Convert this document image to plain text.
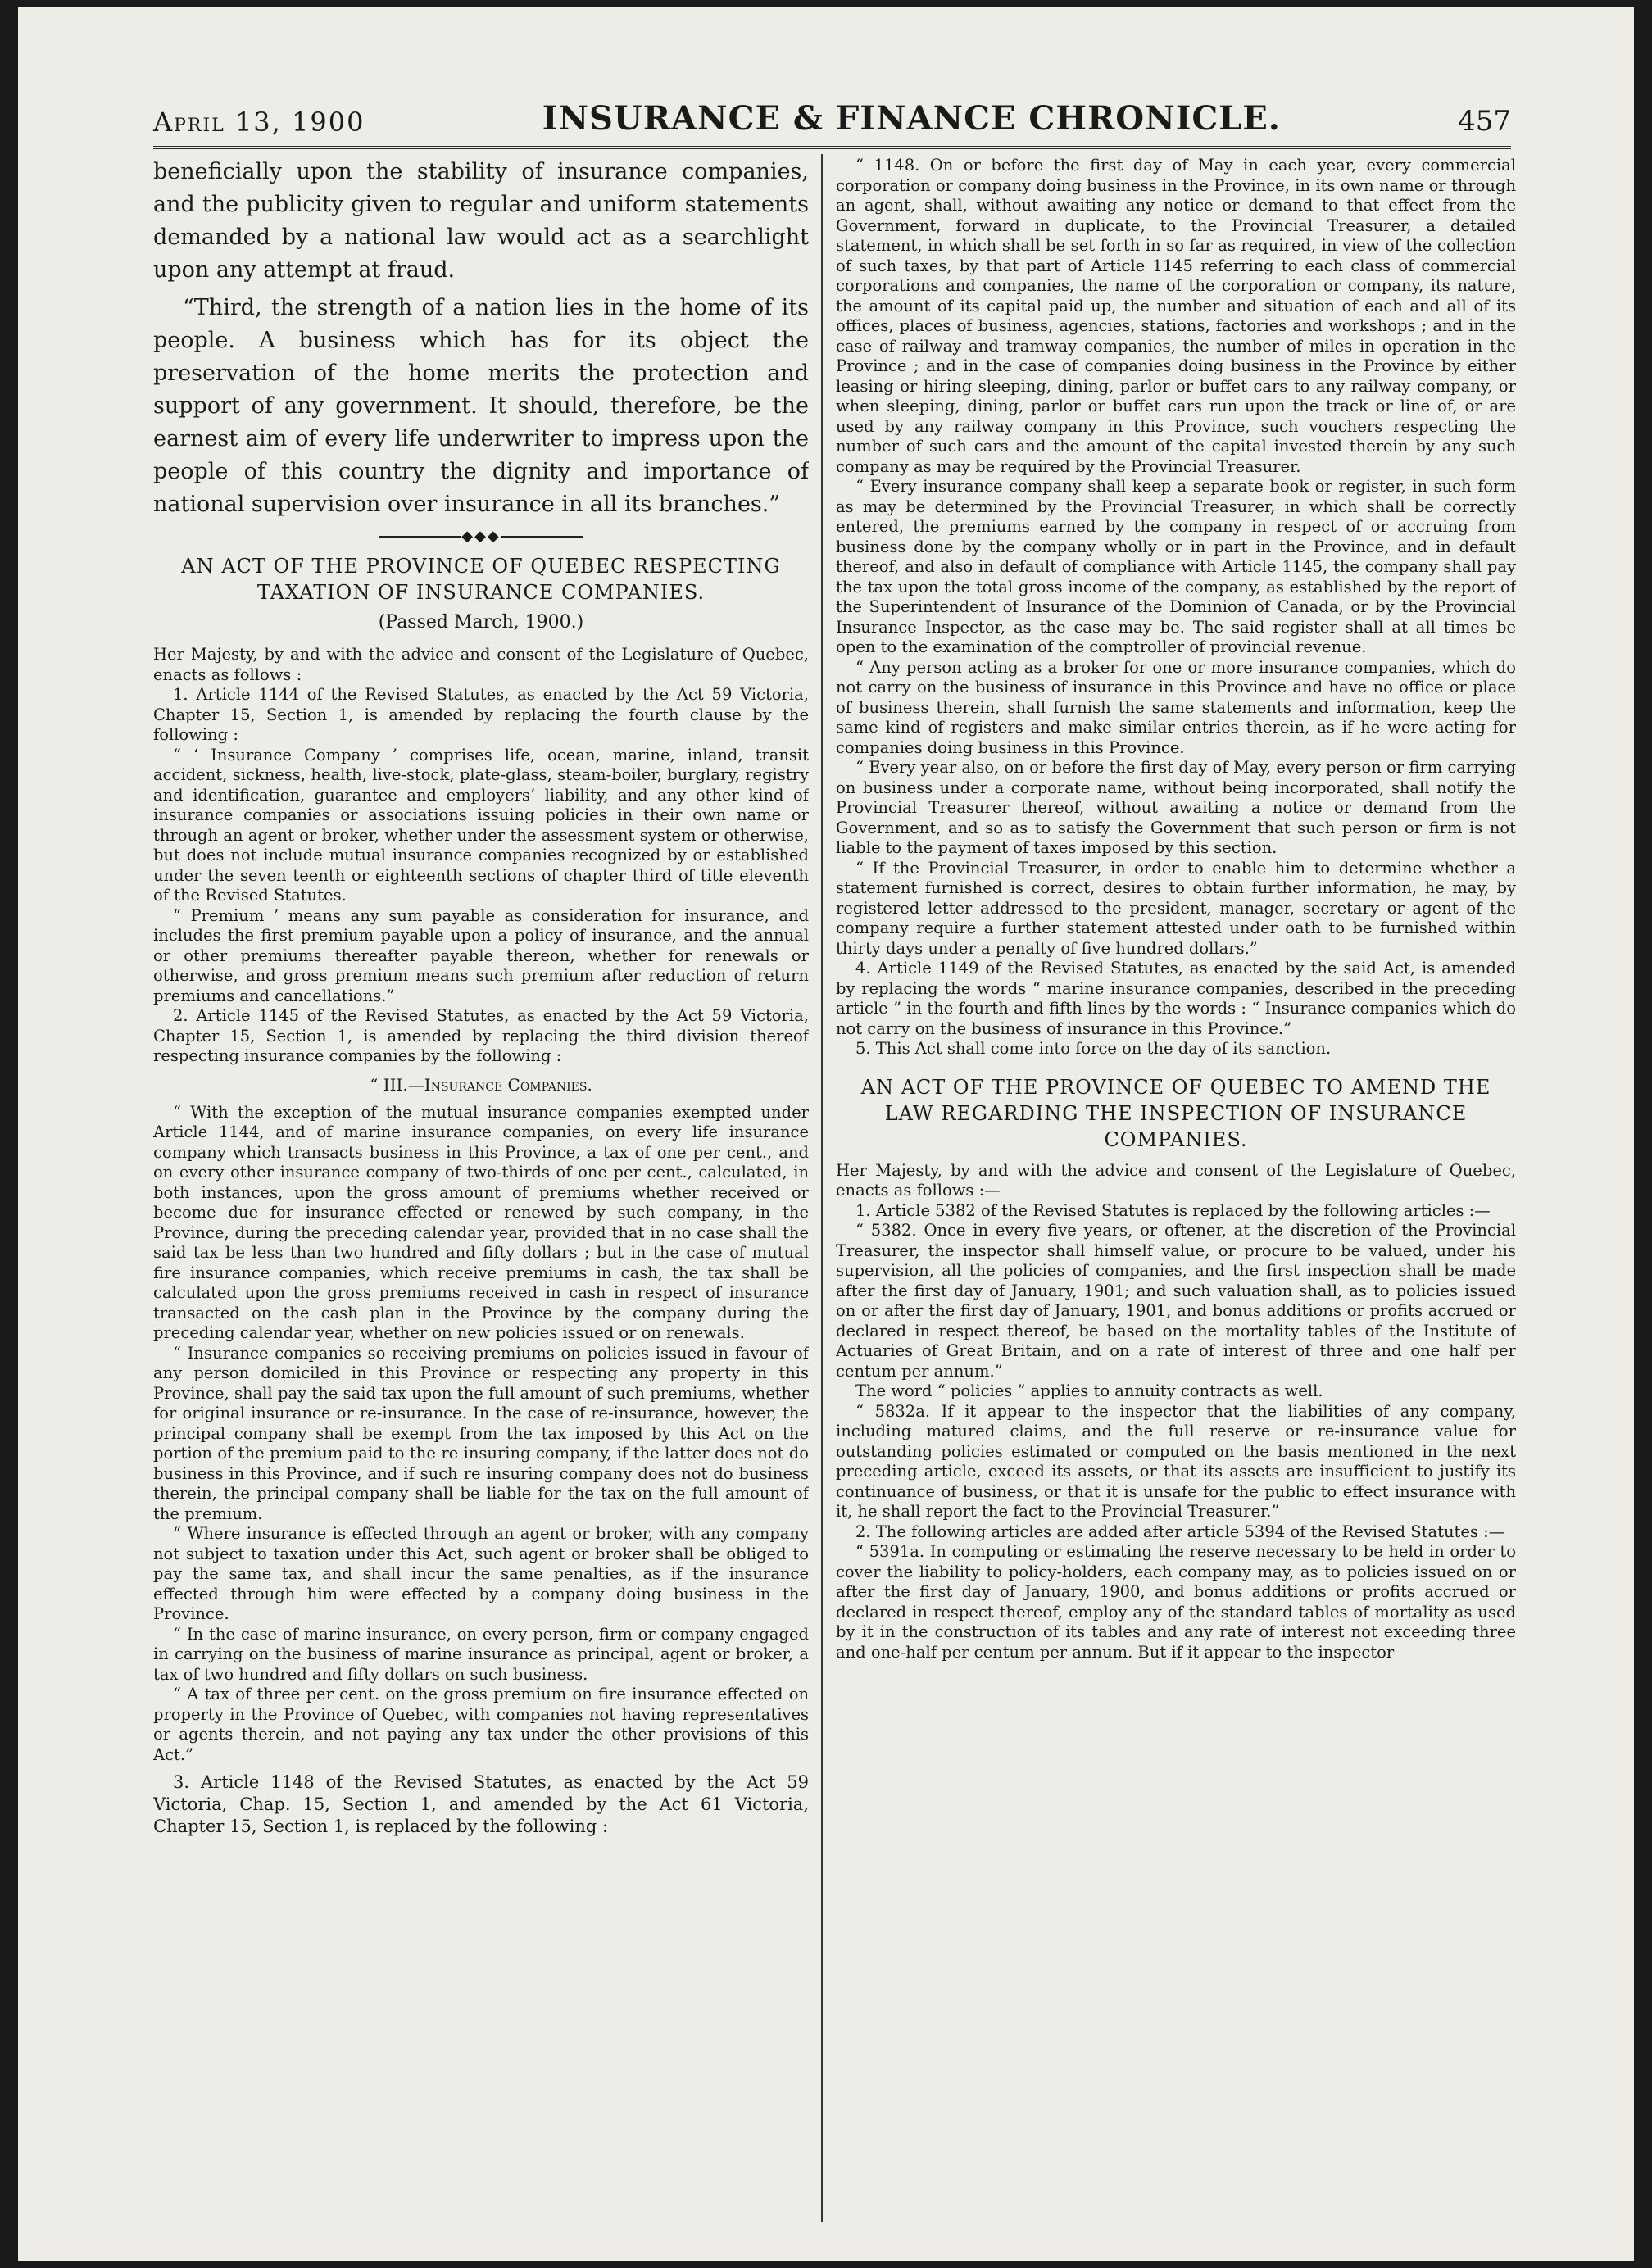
April 13, 1900	INSURANCE & FINANCE CHRONICLE.	457

beneficially upon the stability of insurance companies, and the publicity given to regular and uniform statements demanded by a national law would act as a searchlight upon any attempt at fraud.

“Third, the strength of a nation lies in the home of its people. A business which has for its object the preservation of the home merits the protection and support of any government. It should, therefore, be the earnest aim of every life underwriter to impress upon the people of this country the dignity and importance of national supervision over insurance in all its branches.”

◆◆◆
AN ACT OF THE PROVINCE OF QUEBEC RESPECTING TAXATION OF INSURANCE COMPANIES.
(Passed March, 1900.)

Her Majesty, by and with the advice and consent of the Legislature of Quebec, enacts as follows :

1. Article 1144 of the Revised Statutes, as enacted by the Act 59 Victoria, Chapter 15, Section 1, is amended by replacing the fourth clause by the following :

“ ‘ Insurance Company ’ comprises life, ocean, marine, inland, transit accident, sickness, health, live-stock, plate-glass, steam-boiler, burglary, registry and identification, guarantee and employers’ liability, and any other kind of insurance companies or associations issuing policies in their own name or through an agent or broker, whether under the assessment system or otherwise, but does not include mutual insurance companies recognized by or established under the seven teenth or eighteenth sections of chapter third of title eleventh of the Revised Statutes.

“ Premium ’ means any sum payable as consideration for insurance, and includes the first premium payable upon a policy of insurance, and the annual or other premiums thereafter payable thereon, whether for renewals or otherwise, and gross premium means such premium after reduction of return premiums and cancellations.”

2. Article 1145 of the Revised Statutes, as enacted by the Act 59 Victoria, Chapter 15, Section 1, is amended by replacing the third division thereof respecting insurance companies by the following :

“ III.—Insurance Companies.

“ With the exception of the mutual insurance companies exempted under Article 1144, and of marine insurance companies, on every life insurance company which transacts business in this Province, a tax of one per cent., and on every other insurance company of two-thirds of one per cent., calculated, in both instances, upon the gross amount of premiums whether received or become due for insurance effected or renewed by such company, in the Province, during the preceding calendar year, provided that in no case shall the said tax be less than two hundred and fifty dollars ; but in the case of mutual fire insurance companies, which receive premiums in cash, the tax shall be calculated upon the gross premiums received in cash in respect of insurance transacted on the cash plan in the Province by the company during the preceding calendar year, whether on new policies issued or on renewals.

“ Insurance companies so receiving premiums on policies issued in favour of any person domiciled in this Province or respecting any property in this Province, shall pay the said tax upon the full amount of such premiums, whether for original insurance or re-insurance. In the case of re-insurance, however, the principal company shall be exempt from the tax imposed by this Act on the portion of the premium paid to the re insuring company, if the latter does not do business in this Province, and if such re insuring company does not do business therein, the principal company shall be liable for the tax on the full amount of the premium.

“ Where insurance is effected through an agent or broker, with any company not subject to taxation under this Act, such agent or broker shall be obliged to pay the same tax, and shall incur the same penalties, as if the insurance effected through him were effected by a company doing business in the Province.

“ In the case of marine insurance, on every person, firm or company engaged in carrying on the business of marine insurance as principal, agent or broker, a tax of two hundred and fifty dollars on such business.

“ A tax of three per cent. on the gross premium on fire insurance effected on property in the Province of Quebec, with companies not having representatives or agents therein, and not paying any tax under the other provisions of this Act.”

3. Article 1148 of the Revised Statutes, as enacted by the Act 59 Victoria, Chap. 15, Section 1, and amended by the Act 61 Victoria, Chapter 15, Section 1, is replaced by the following :

“ 1148. On or before the first day of May in each year, every commercial corporation or company doing business in the Province, in its own name or through an agent, shall, without awaiting any notice or demand to that effect from the Government, forward in duplicate, to the Provincial Treasurer, a detailed statement, in which shall be set forth in so far as required, in view of the collection of such taxes, by that part of Article 1145 referring to each class of commercial corporations and companies, the name of the corporation or company, its nature, the amount of its capital paid up, the number and situation of each and all of its offices, places of business, agencies, stations, factories and workshops ; and in the case of railway and tramway companies, the number of miles in operation in the Province ; and in the case of companies doing business in the Province by either leasing or hiring sleeping, dining, parlor or buffet cars to any railway company, or when sleeping, dining, parlor or buffet cars run upon the track or line of, or are used by any railway company in this Province, such vouchers respecting the number of such cars and the amount of the capital invested therein by any such company as may be required by the Provincial Treasurer.

“ Every insurance company shall keep a separate book or register, in such form as may be determined by the Provincial Treasurer, in which shall be correctly entered, the premiums earned by the company in respect of or accruing from business done by the company wholly or in part in the Province, and in default thereof, and also in default of compliance with Article 1145, the company shall pay the tax upon the total gross income of the company, as established by the report of the Superintendent of Insurance of the Dominion of Canada, or by the Provincial Insurance Inspector, as the case may be. The said register shall at all times be open to the examination of the comptroller of provincial revenue.

“ Any person acting as a broker for one or more insurance companies, which do not carry on the business of insurance in this Province and have no office or place of business therein, shall furnish the same statements and information, keep the same kind of registers and make similar entries therein, as if he were acting for companies doing business in this Province.

“ Every year also, on or before the first day of May, every person or firm carrying on business under a corporate name, without being incorporated, shall notify the Provincial Treasurer thereof, without awaiting a notice or demand from the Government, and so as to satisfy the Government that such person or firm is not liable to the payment of taxes imposed by this section.

“ If the Provincial Treasurer, in order to enable him to determine whether a statement furnished is correct, desires to obtain further information, he may, by registered letter addressed to the president, manager, secretary or agent of the company require a further statement attested under oath to be furnished within thirty days under a penalty of five hundred dollars.”

4. Article 1149 of the Revised Statutes, as enacted by the said Act, is amended by replacing the words “ marine insurance companies, described in the preceding article ” in the fourth and fifth lines by the words : “ Insurance companies which do not carry on the business of insurance in this Province.”

5. This Act shall come into force on the day of its sanction.

AN ACT OF THE PROVINCE OF QUEBEC TO AMEND THE LAW REGARDING THE INSPECTION OF INSURANCE COMPANIES.

Her Majesty, by and with the advice and consent of the Legislature of Quebec, enacts as follows :—

1. Article 5382 of the Revised Statutes is replaced by the following articles :—

“ 5382. Once in every five years, or oftener, at the discretion of the Provincial Treasurer, the inspector shall himself value, or procure to be valued, under his supervision, all the policies of companies, and the first inspection shall be made after the first day of January, 1901; and such valuation shall, as to policies issued on or after the first day of January, 1901, and bonus additions or profits accrued or declared in respect thereof, be based on the mortality tables of the Institute of Actuaries of Great Britain, and on a rate of interest of three and one half per centum per annum.”

The word “ policies ” applies to annuity contracts as well.

“ 5832a. If it appear to the inspector that the liabilities of any company, including matured claims, and the full reserve or re-insurance value for outstanding policies estimated or computed on the basis mentioned in the next preceding article, exceed its assets, or that its assets are insufficient to justify its continuance of business, or that it is unsafe for the public to effect insurance with it, he shall report the fact to the Provincial Treasurer.”

2. The following articles are added after article 5394 of the Revised Statutes :—

“ 5391a. In computing or estimating the reserve necessary to be held in order to cover the liability to policy-holders, each company may, as to policies issued on or after the first day of January, 1900, and bonus additions or profits accrued or declared in respect thereof, employ any of the standard tables of mortality as used by it in the construction of its tables and any rate of interest not exceeding three and one-half per centum per annum. But if it appear to the inspector
